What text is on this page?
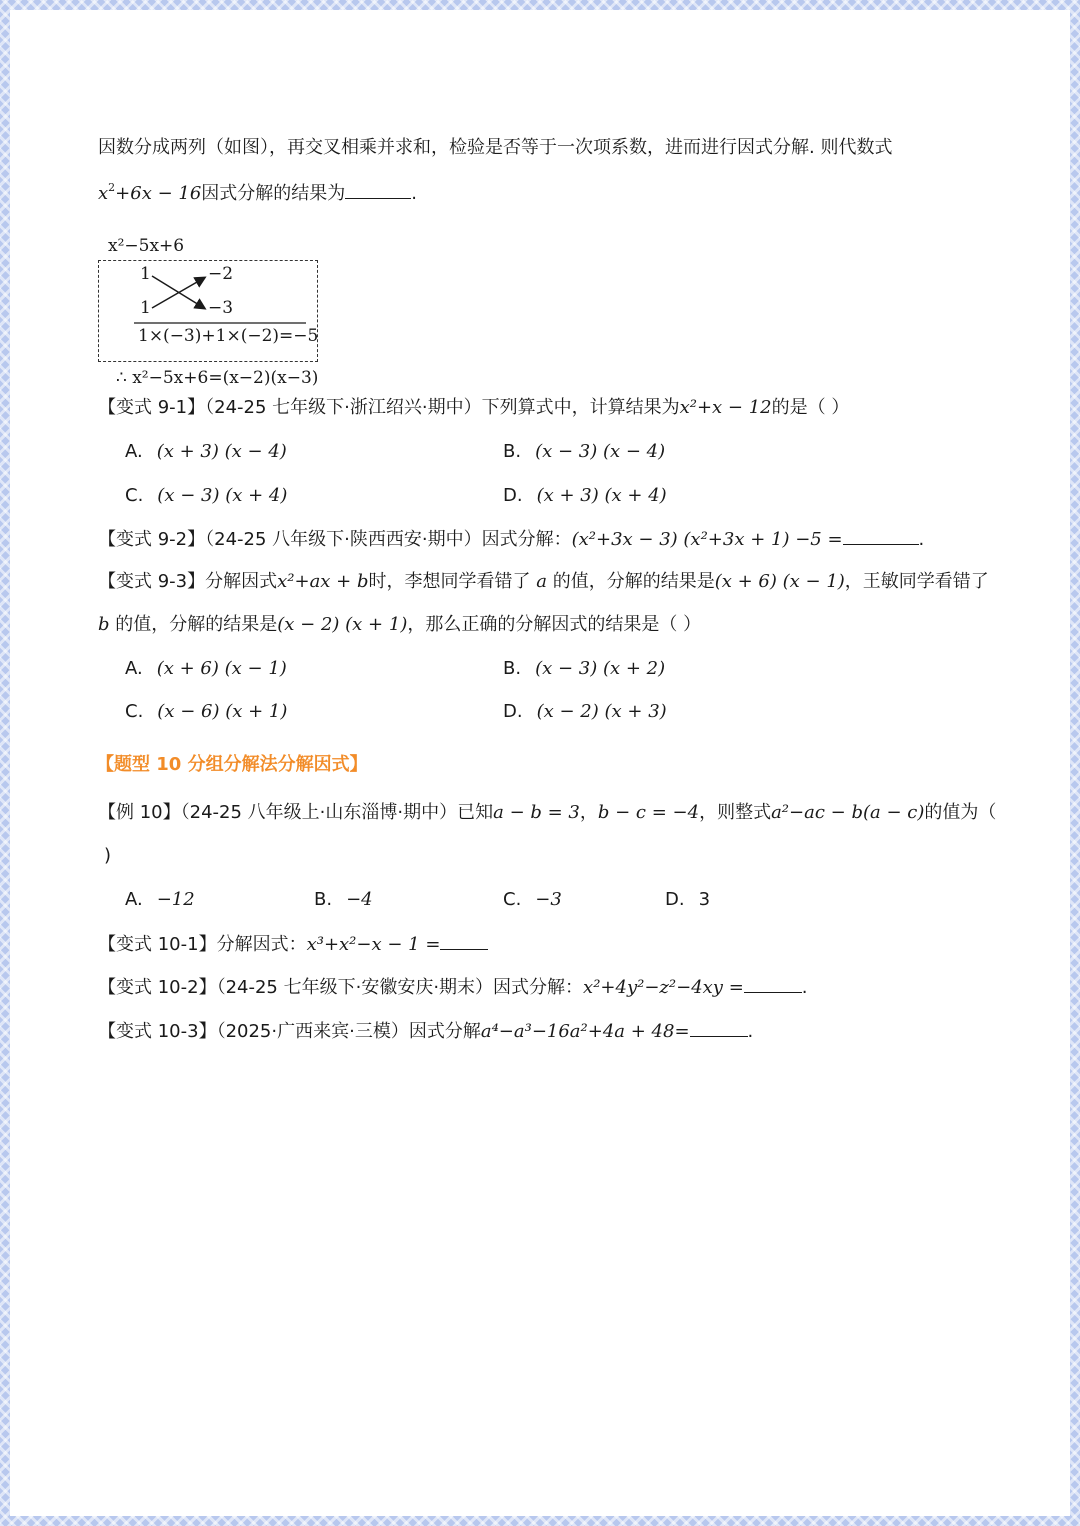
因数分成两列（如图），再交叉相乘并求和，检验是否等于一次项系数，进而进行因式分解. 则代数式
$x^2+6x - 16$因式分解的结果为	.
x²−5x+6
1
1
−2
−3
1×(−3)+1×(−2)=−5
∴ x²−5x+6=(x−2)(x−3)
【变式 9-1】（24-25 七年级下·浙江绍兴·期中）下列算式中，计算结果为x²+x − 12的是（ ）
A. (x + 3) (x − 4)	B. (x − 3) (x − 4)
C. (x − 3) (x + 4)	D. (x + 3) (x + 4)
【变式 9-2】（24-25 八年级下·陕西西安·期中）因式分解：(x²+3x − 3) (x²+3x + 1) −5 =	.
【变式 9-3】分解因式x²+ax + b时，李想同学看错了 a 的值，分解的结果是(x + 6) (x − 1)，王敏同学看错了
b 的值，分解的结果是(x − 2) (x + 1)，那么正确的分解因式的结果是（ ）
A. (x + 6) (x − 1)	B. (x − 3) (x + 2)
C. (x − 6) (x + 1)	D. (x − 2) (x + 3)
【题型 10 分组分解法分解因式】
【例 10】（24-25 八年级上·山东淄博·期中）已知a − b = 3，b − c = −4，则整式a²−ac − b(a − c)的值为（
)
A. −12	B. −4	C. −3	D. 3
【变式 10-1】分解因式：x³+x²−x − 1 =
【变式 10-2】（24-25 七年级下·安徽安庆·期末）因式分解：x²+4y²−z²−4xy =	.
【变式 10-3】（2025·广西来宾·三模）因式分解a⁴−a³−16a²+4a + 48=	.
